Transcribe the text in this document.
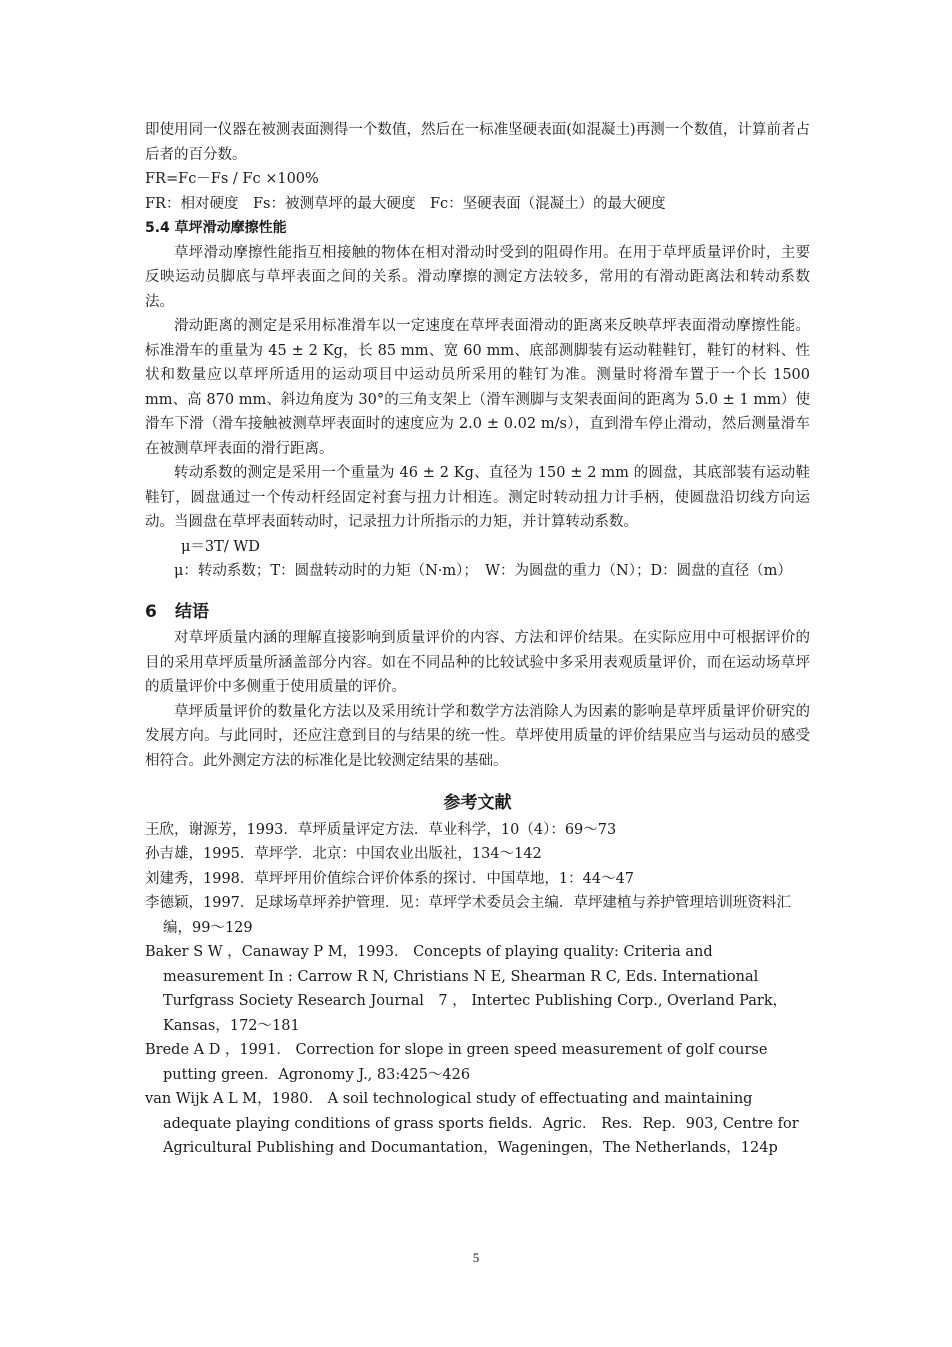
即使用同一仪器在被测表面测得一个数值，然后在一标准坚硬表面(如混凝土)再测一个数值，计算前者占后者的百分数。

FR=Fc－Fs / Fc ×100%

FR：相对硬度　Fs：被测草坪的最大硬度　Fc：坚硬表面（混凝土）的最大硬度

5.4 草坪滑动摩擦性能

草坪滑动摩擦性能指互相接触的物体在相对滑动时受到的阻碍作用。在用于草坪质量评价时，主要反映运动员脚底与草坪表面之间的关系。滑动摩擦的测定方法较多，常用的有滑动距离法和转动系数法。

滑动距离的测定是采用标准滑车以一定速度在草坪表面滑动的距离来反映草坪表面滑动摩擦性能。标准滑车的重量为 45 ± 2 Kg，长 85 mm、宽 60 mm、底部测脚装有运动鞋鞋钉，鞋钉的材料、性状和数量应以草坪所适用的运动项目中运动员所采用的鞋钉为准。测量时将滑车置于一个长 1500 mm、高 870 mm、斜边角度为 30°的三角支架上（滑车测脚与支架表面间的距离为 5.0 ± 1 mm）使滑车下滑（滑车接触被测草坪表面时的速度应为 2.0 ± 0.02 m/s），直到滑车停止滑动，然后测量滑车在被测草坪表面的滑行距离。

转动系数的测定是采用一个重量为 46 ± 2 Kg、直径为 150 ± 2 mm 的圆盘，其底部装有运动鞋鞋钉，圆盘通过一个传动杆经固定衬套与扭力计相连。测定时转动扭力计手柄，使圆盘沿切线方向运动。当圆盘在草坪表面转动时，记录扭力计所指示的力矩，并计算转动系数。

μ＝3T/ WD

μ：转动系数；T：圆盘转动时的力矩（N·m）；　W：为圆盘的重力（N）；D：圆盘的直径（m）

6 结语

对草坪质量内涵的理解直接影响到质量评价的内容、方法和评价结果。在实际应用中可根据评价的目的采用草坪质量所涵盖部分内容。如在不同品种的比较试验中多采用表观质量评价，而在运动场草坪的质量评价中多侧重于使用质量的评价。

草坪质量评价的数量化方法以及采用统计学和数学方法消除人为因素的影响是草坪质量评价研究的发展方向。与此同时，还应注意到目的与结果的统一性。草坪使用质量的评价结果应当与运动员的感受相符合。此外测定方法的标准化是比较测定结果的基础。

参考文献

王欣，谢源芳，1993．草坪质量评定方法．草业科学，10（4）：69～73

孙吉雄，1995．草坪学．北京：中国农业出版社，134～142

刘建秀，1998．草坪坪用价值综合评价体系的探讨．中国草地，1：44～47

李德颖，1997．足球场草坪养护管理．见：草坪学术委员会主编．草坪建植与养护管理培训班资料汇编，99～129

Baker S W ，Canaway P M，1993． Concepts of playing quality: Criteria and measurement In : Carrow R N, Christians N E, Shearman R C, Eds. International Turfgrass Society Research Journal　7 ， Intertec Publishing Corp., Overland Park，Kansas，172～181

Brede A D ，1991． Correction for slope in green speed measurement of golf course putting green．Agronomy J., 83:425～426

van Wijk A L M，1980． A soil technological study of effectuating and maintaining adequate playing conditions of grass sports fields．Agric． Res．Rep．903, Centre for Agricultural Publishing and Documantation，Wageningen，The Netherlands，124p

5
